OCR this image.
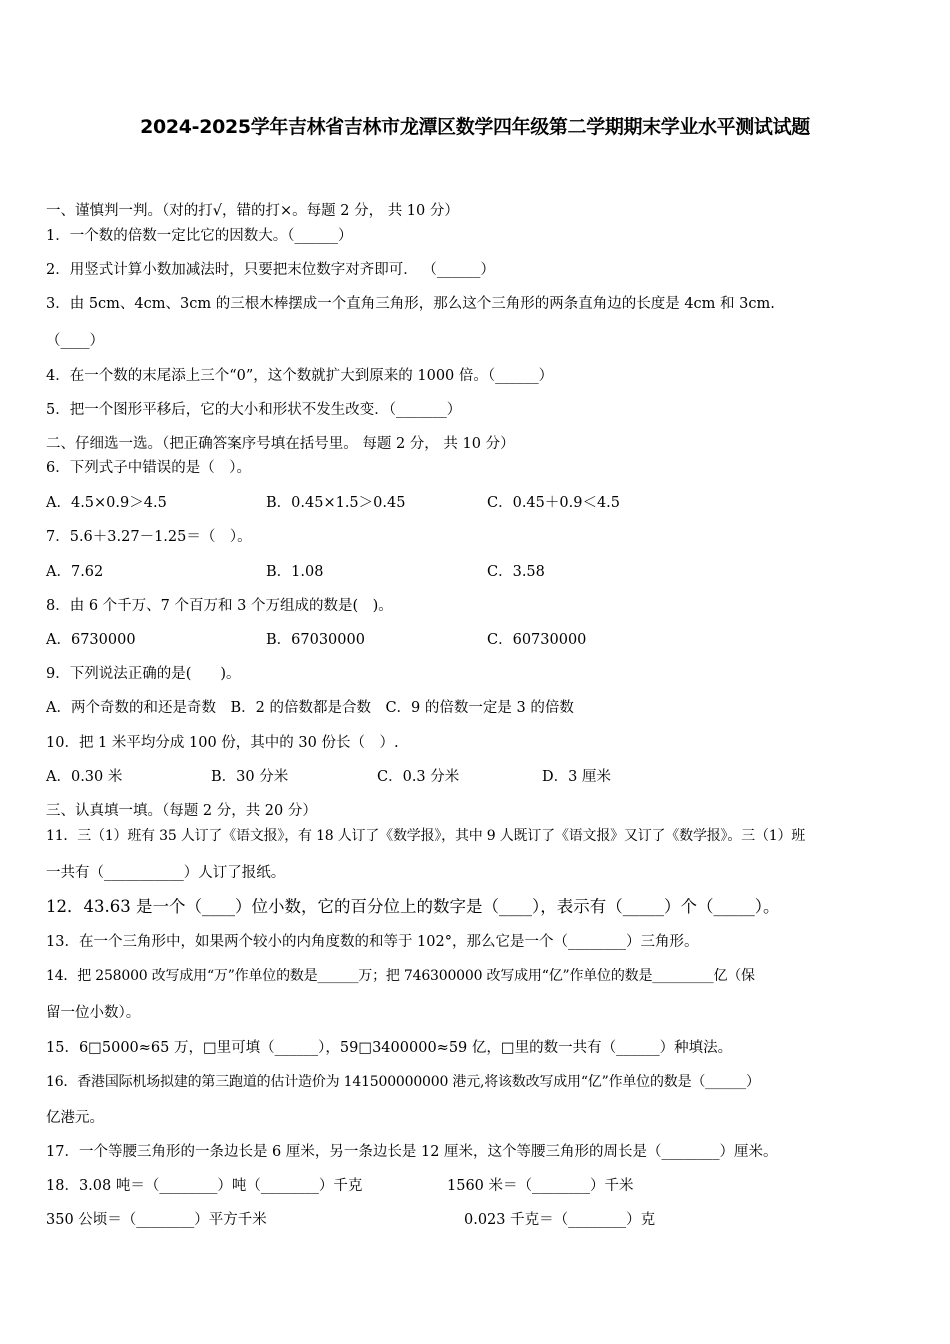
2024-2025学年吉林省吉林市龙潭区数学四年级第二学期期末学业水平测试试题
一、谨慎判一判。（对的打√，错的打×。每题 2 分， 共 10 分）
1．一个数的倍数一定比它的因数大。（______）
2．用竖式计算小数加减法时，只要把末位数字对齐即可． （______）
3．由 5cm、4cm、3cm 的三根木棒摆成一个直角三角形，那么这个三角形的两条直角边的长度是 4cm 和 3cm.
（____）
4．在一个数的末尾添上三个“0”，这个数就扩大到原来的 1000 倍。（______）
5．把一个图形平移后，它的大小和形状不发生改变．（_______）
二、仔细选一选。（把正确答案序号填在括号里。 每题 2 分， 共 10 分）
6．下列式子中错误的是（　）。
A．4.5×0.9＞4.5	B．0.45×1.5＞0.45	C．0.45＋0.9＜4.5
7．5.6＋3.27－1.25＝（　）。
A．7.62	B．1.08	C．3.58
8．由 6 个千万、7 个百万和 3 个万组成的数是(　)。
A．6730000	B．67030000	C．60730000
9．下列说法正确的是(　　)。
A．两个奇数的和还是奇数　B．2 的倍数都是合数　C．9 的倍数一定是 3 的倍数
10．把 1 米平均分成 100 份，其中的 30 份长（　）.
A．0.30 米	B．30 分米	C．0.3 分米	D．3 厘米
三、认真填一填。（每题 2 分，共 20 分）
11．三（1）班有 35 人订了《语文报》，有 18 人订了《数学报》，其中 9 人既订了《语文报》又订了《数学报》。三（1）班
一共有（___________）人订了报纸。
12．43.63 是一个（____）位小数，它的百分位上的数字是（____），表示有（_____）个（_____）。
13．在一个三角形中，如果两个较小的内角度数的和等于 102°，那么它是一个（________）三角形。
14．把 258000 改写成用“万”作单位的数是______万；把 746300000 改写成用“亿”作单位的数是_________亿（保
留一位小数）。
15．6□5000≈65 万，□里可填（______），59□3400000≈59 亿，□里的数一共有（______）种填法。
16．香港国际机场拟建的第三跑道的估计造价为 141500000000 港元,将该数改写成用“亿”作单位的数是（______）
亿港元。
17．一个等腰三角形的一条边长是 6 厘米，另一条边长是 12 厘米，这个等腰三角形的周长是（________）厘米。
18．3.08 吨＝（________）吨（________）千克	1560 米＝（________）千米
350 公顷＝（________）平方千米	0.023 千克＝（________）克
